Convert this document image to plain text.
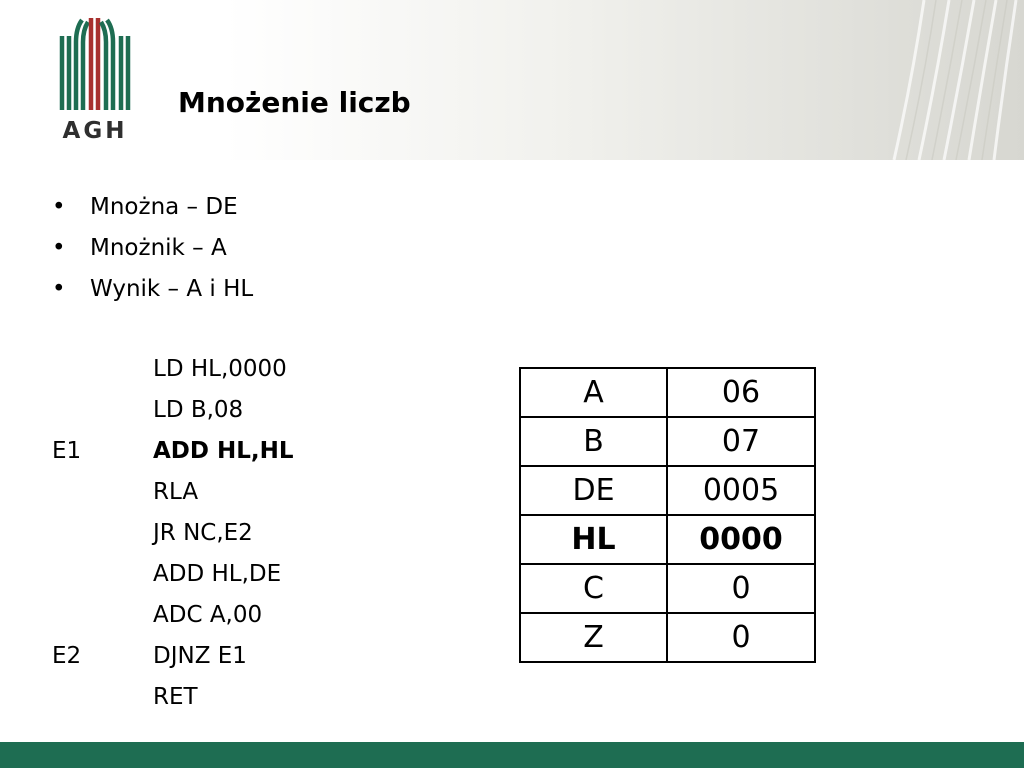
AGH
Mnożenie liczb
• Mnożna – DE
• Mnożnik – A
• Wynik – A i HL
LD HL,0000
LD B,08
E1	ADD HL,HL
RLA
JR NC,E2
ADD HL,DE
ADC A,00
E2	DJNZ E1
RET
A	06
B	07
DE	0005
HL	0000
C	0
Z	0
